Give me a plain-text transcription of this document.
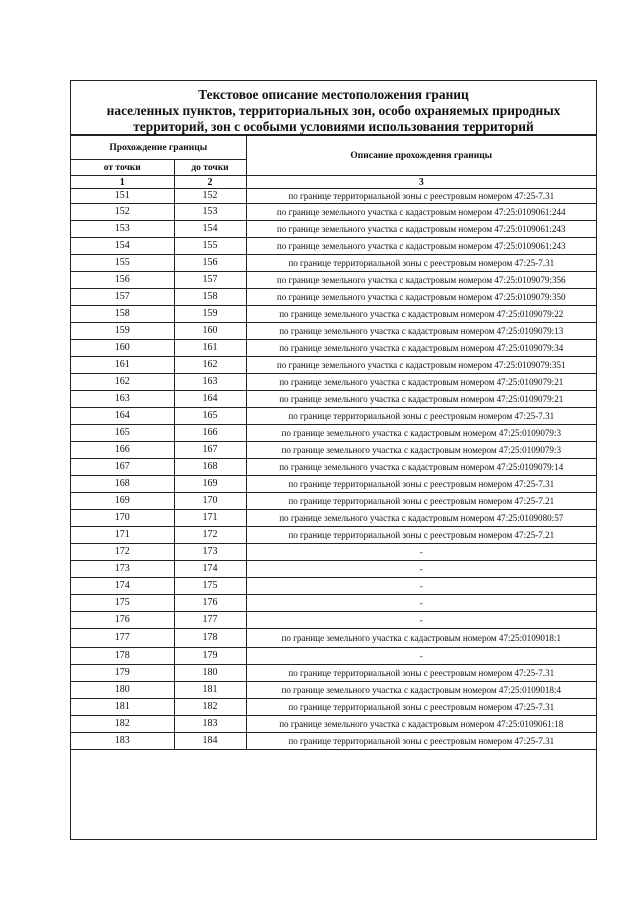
Текстовое описание местоположения границ
населенных пунктов, территориальных зон, особо охраняемых природных
территорий, зон с особыми условиями использования территорий
Прохождение границы		Описание прохождения границы
от точки	до точки	
1	2	3
151	152	по границе территориальной зоны с реестровым номером 47:25-7.31
152	153	по границе земельного участка с кадастровым номером 47:25:0109061:244
153	154	по границе земельного участка с кадастровым номером 47:25:0109061:243
154	155	по границе земельного участка с кадастровым номером 47:25:0109061:243
155	156	по границе территориальной зоны с реестровым номером 47:25-7.31
156	157	по границе земельного участка с кадастровым номером 47:25:0109079:356
157	158	по границе земельного участка с кадастровым номером 47:25:0109079:350
158	159	по границе земельного участка с кадастровым номером 47:25:0109079:22
159	160	по границе земельного участка с кадастровым номером 47:25:0109079:13
160	161	по границе земельного участка с кадастровым номером 47:25:0109079:34
161	162	по границе земельного участка с кадастровым номером 47:25:0109079:351
162	163	по границе земельного участка с кадастровым номером 47:25:0109079:21
163	164	по границе земельного участка с кадастровым номером 47:25:0109079:21
164	165	по границе территориальной зоны с реестровым номером 47:25-7.31
165	166	по границе земельного участка с кадастровым номером 47:25:0109079:3
166	167	по границе земельного участка с кадастровым номером 47:25:0109079:3
167	168	по границе земельного участка с кадастровым номером 47:25:0109079:14
168	169	по границе территориальной зоны с реестровым номером 47:25-7.31
169	170	по границе территориальной зоны с реестровым номером 47:25-7.21
170	171	по границе земельного участка с кадастровым номером 47:25:0109080:57
171	172	по границе территориальной зоны с реестровым номером 47:25-7.21
172	173	-
173	174	-
174	175	-
175	176	-
176	177	-
177	178	по границе земельного участка с кадастровым номером 47:25:0109018:1
178	179	-
179	180	по границе территориальной зоны с реестровым номером 47:25-7.31
180	181	по границе земельного участка с кадастровым номером 47:25:0109018:4
181	182	по границе территориальной зоны с реестровым номером 47:25-7.31
182	183	по границе земельного участка с кадастровым номером 47:25:0109061:18
183	184	по границе территориальной зоны с реестровым номером 47:25-7.31
